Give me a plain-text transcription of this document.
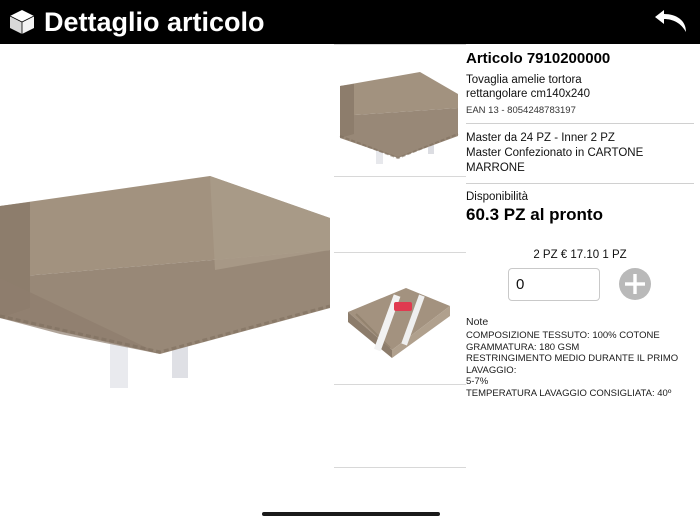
Dettaglio articolo
Articolo 7910200000
Tovaglia amelie tortora
rettangolare cm140x240
EAN 13 - 8054248783197
Master da 24 PZ - Inner 2 PZ
Master Confezionato in CARTONE MARRONE
Disponibilità
60.3 PZ al pronto
2 PZ € 17.10 1 PZ
0
Note
COMPOSIZIONE TESSUTO: 100% COTONE
GRAMMATURA: 180 GSM
RESTRINGIMENTO MEDIO DURANTE IL PRIMO LAVAGGIO:
5-7%
TEMPERATURA LAVAGGIO CONSIGLIATA: 40º
